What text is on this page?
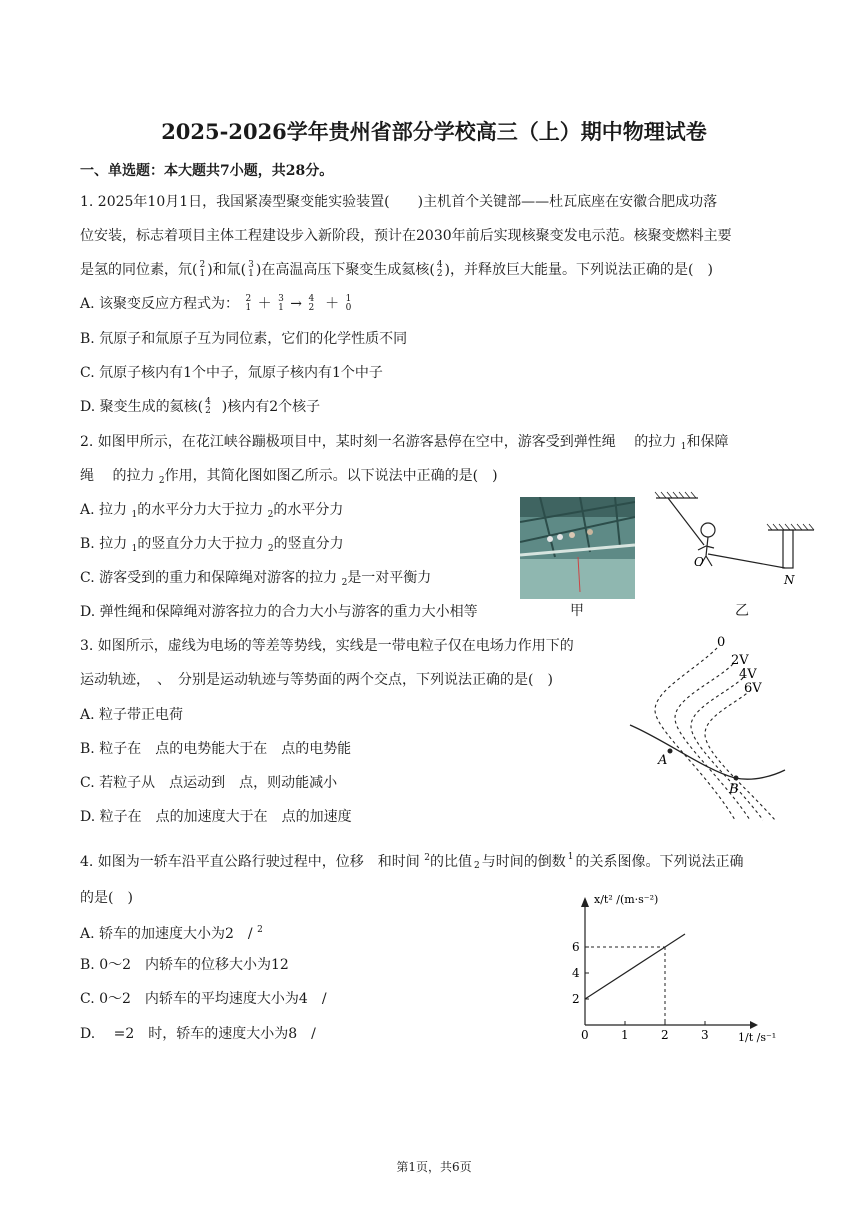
2025-2026学年贵州省部分学校高三（上）期中物理试卷
一、单选题：本大题共7小题，共28分。
1. 2025年10月1日，我国紧凑型聚变能实验装置(　　)主机首个关键部——杜瓦底座在安徽合肥成功落
位安装，标志着项目主体工程建设步入新阶段，预计在2030年前后实现核聚变发电示范。核聚变燃料主要
是氢的同位素，氘( 2
1 )和氚( 3
1 )在高温高压下聚变生成氦核( 4
2 )，并释放巨大能量。下列说法正确的是(　)
A. 该聚变反应方程式为： 2
1 ＋ 3
1 → 4
2 ＋ 1
0
B. 氘原子和氚原子互为同位素，它们的化学性质不同
C. 氘原子核内有1个中子，氚原子核内有1个中子
D. 聚变生成的氦核( 4
2 )核内有2个核子
2. 如图甲所示，在花江峡谷蹦极项目中，某时刻一名游客悬停在空中，游客受到弹性绳　 的拉力 $_1$和保障
绳　 的拉力 $_2$作用，其简化图如图乙所示。以下说法中正确的是(　)
A. 拉力 $_1$的水平分力大于拉力 $_2$的水平分力
B. 拉力 $_1$的竖直分力大于拉力 $_2$的竖直分力
C. 游客受到的重力和保障绳对游客的拉力 $_2$是一对平衡力
D. 弹性绳和保障绳对游客拉力的合力大小与游客的重力大小相等	甲
O
N
乙
3. 如图所示，虚线为电场的等差等势线，实线是一带电粒子仅在电场力作用下的
运动轨迹，　、　分别是运动轨迹与等势面的两个交点，下列说法正确的是(　)
A. 粒子带正电荷
B. 粒子在　点的电势能大于在　点的电势能
C. 若粒子从　点运动到　点，则动能减小
D. 粒子在　点的加速度大于在　点的加速度
0
2V
4V
6V
A
B
4. 如图为一轿车沿平直公路行驶过程中，位移　和时间 $^2$的比值
2 与时间的倒数 1
的关系图像。下列说法正确
的是(　)
A. 轿车的加速度大小为2　/ $^2$
B. 0～2　内轿车的位移大小为12
C. 0～2　内轿车的平均速度大小为4　/
D. 　=2　时，轿车的速度大小为8　/	0	1	2	3
2
4
6
x/t² /(m·s⁻²)
1/t /s⁻¹
第1页，共6页
